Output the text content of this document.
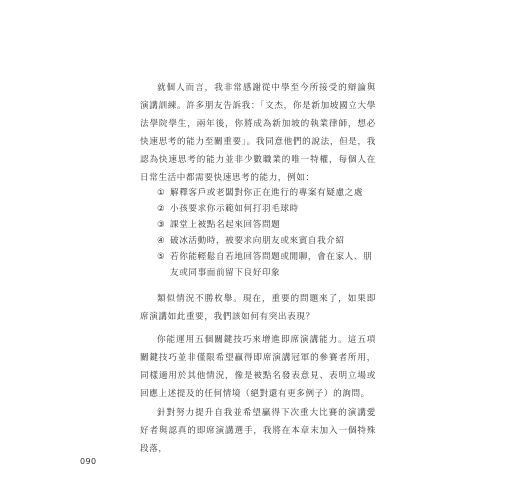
就個人而言，我非常感謝從中學至今所接受的辯論與演講訓練。許多朋友告訴我：「文杰，你是新加坡國立大學法學院學生，兩年後，你將成為新加坡的執業律師，想必快速思考的能力至關重要」。我同意他們的說法，但是，我認為快速思考的能力並非少數職業的唯一特權，每個人在日常生活中都需要快速思考的能力，例如：

① 解釋客戶或老闆對你正在進行的專案有疑慮之處
② 小孩要求你示範如何打羽毛球時
③ 課堂上被點名起來回答問題
④ 破冰活動時，被要求向朋友或來賓自我介紹
⑤ 若你能輕鬆自若地回答問題或閒聊，會在家人、朋友或同事面前留下良好印象

類似情況不勝枚舉。現在，重要的問題來了，如果即席演講如此重要，我們該如何有突出表現？

你能運用五個關鍵技巧來增進即席演講能力。這五項關鍵技巧並非僅限希望贏得即席演講冠軍的參賽者所用，同樣適用於其他情況，像是被點名發表意見、表明立場或回應上述提及的任何情境（絕對還有更多例子）的詢問。

針對努力提升自我並希望贏得下次重大比賽的演講愛好者與認真的即席演講選手，我將在本章末加入一個特殊段落，

090
